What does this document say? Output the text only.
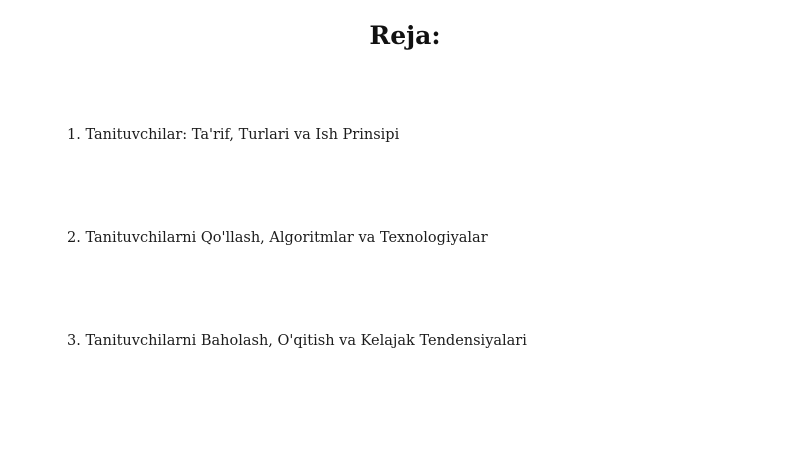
Reja:
1. Tanituvchilar: Ta'rif, Turlari va Ish Prinsipi
2. Tanituvchilarni Qo'llash, Algoritmlar va Texnologiyalar
3. Tanituvchilarni Baholash, O'qitish va Kelajak Tendensiyalari
